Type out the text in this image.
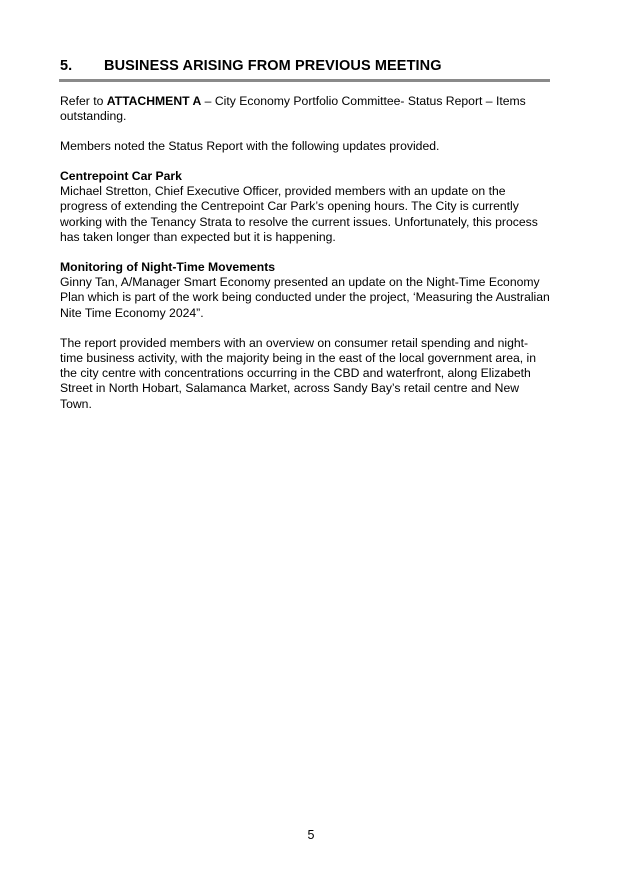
5. BUSINESS ARISING FROM PREVIOUS MEETING

Refer to ATTACHMENT A – City Economy Portfolio Committee- Status Report – Items outstanding.

Members noted the Status Report with the following updates provided.

Centrepoint Car Park
Michael Stretton, Chief Executive Officer, provided members with an update on the progress of extending the Centrepoint Car Park’s opening hours. The City is currently working with the Tenancy Strata to resolve the current issues. Unfortunately, this process has taken longer than expected but it is happening.

Monitoring of Night-Time Movements
Ginny Tan, A/Manager Smart Economy presented an update on the Night-Time Economy Plan which is part of the work being conducted under the project, ‘Measuring the Australian Nite Time Economy 2024”.

The report provided members with an overview on consumer retail spending and night-time business activity, with the majority being in the east of the local government area, in the city centre with concentrations occurring in the CBD and waterfront, along Elizabeth Street in North Hobart, Salamanca Market, across Sandy Bay’s retail centre and New Town.

5
